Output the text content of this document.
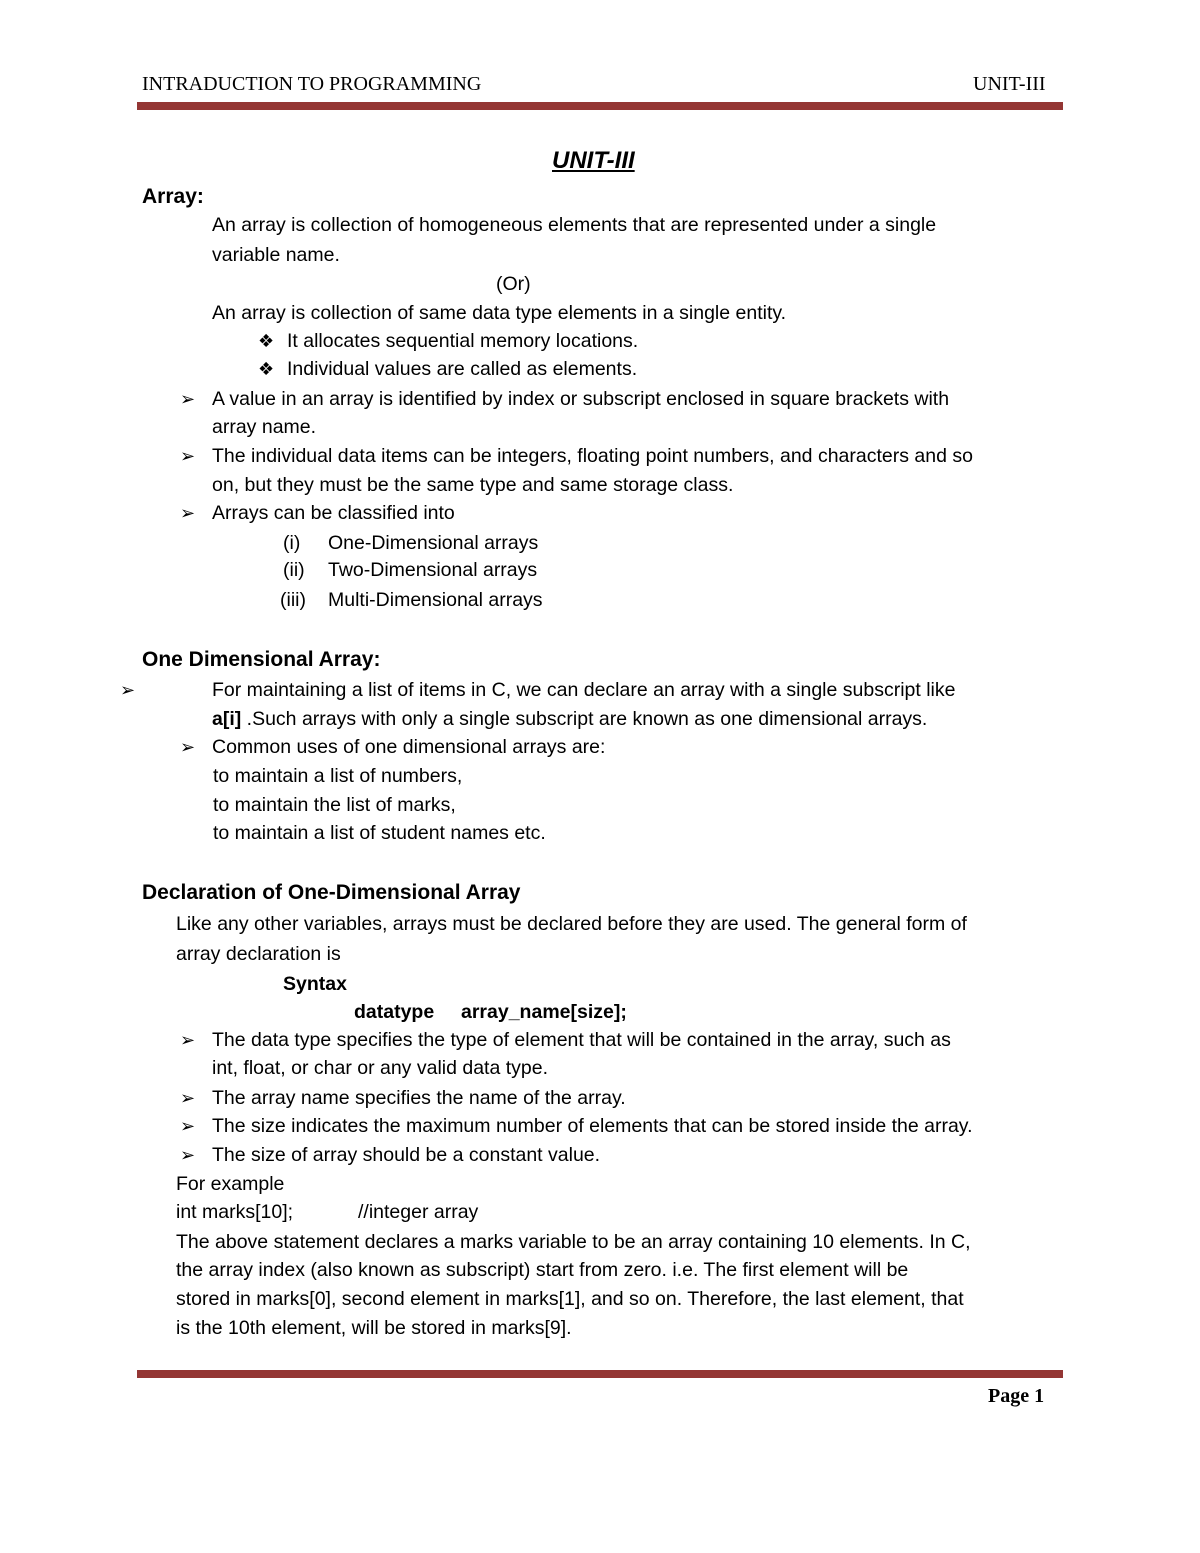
INTRADUCTION TO PROGRAMMING	UNIT-III
UNIT-III
Array:
An array is collection of homogeneous elements that are represented under a single
variable name.
(Or)
An array is collection of same data type elements in a single entity.
❖ It allocates sequential memory locations.
❖ Individual values are called as elements.
➢ A value in an array is identified by index or subscript enclosed in square brackets with
array name.
➢ The individual data items can be integers, floating point numbers, and characters and so
on, but they must be the same type and same storage class.
➢ Arrays can be classified into
(i) One-Dimensional arrays
(ii) Two-Dimensional arrays
(iii) Multi-Dimensional arrays
One Dimensional Array:
➢	For maintaining a list of items in C, we can declare an array with a single subscript like
a[i] .Such arrays with only a single subscript are known as one dimensional arrays.
➢ Common uses of one dimensional arrays are:
to maintain a list of numbers,
to maintain the list of marks,
to maintain a list of student names etc.
Declaration of One-Dimensional Array
Like any other variables, arrays must be declared before they are used. The general form of
array declaration is
Syntax
datatype array_name[size];
➢ The data type specifies the type of element that will be contained in the array, such as
int, float, or char or any valid data type.
➢ The array name specifies the name of the array.
➢ The size indicates the maximum number of elements that can be stored inside the array.
➢ The size of array should be a constant value.
For example
int marks[10];	//integer array
The above statement declares a marks variable to be an array containing 10 elements. In C,
the array index (also known as subscript) start from zero. i.e. The first element will be
stored in marks[0], second element in marks[1], and so on. Therefore, the last element, that
is the 10th element, will be stored in marks[9].
Page 1
